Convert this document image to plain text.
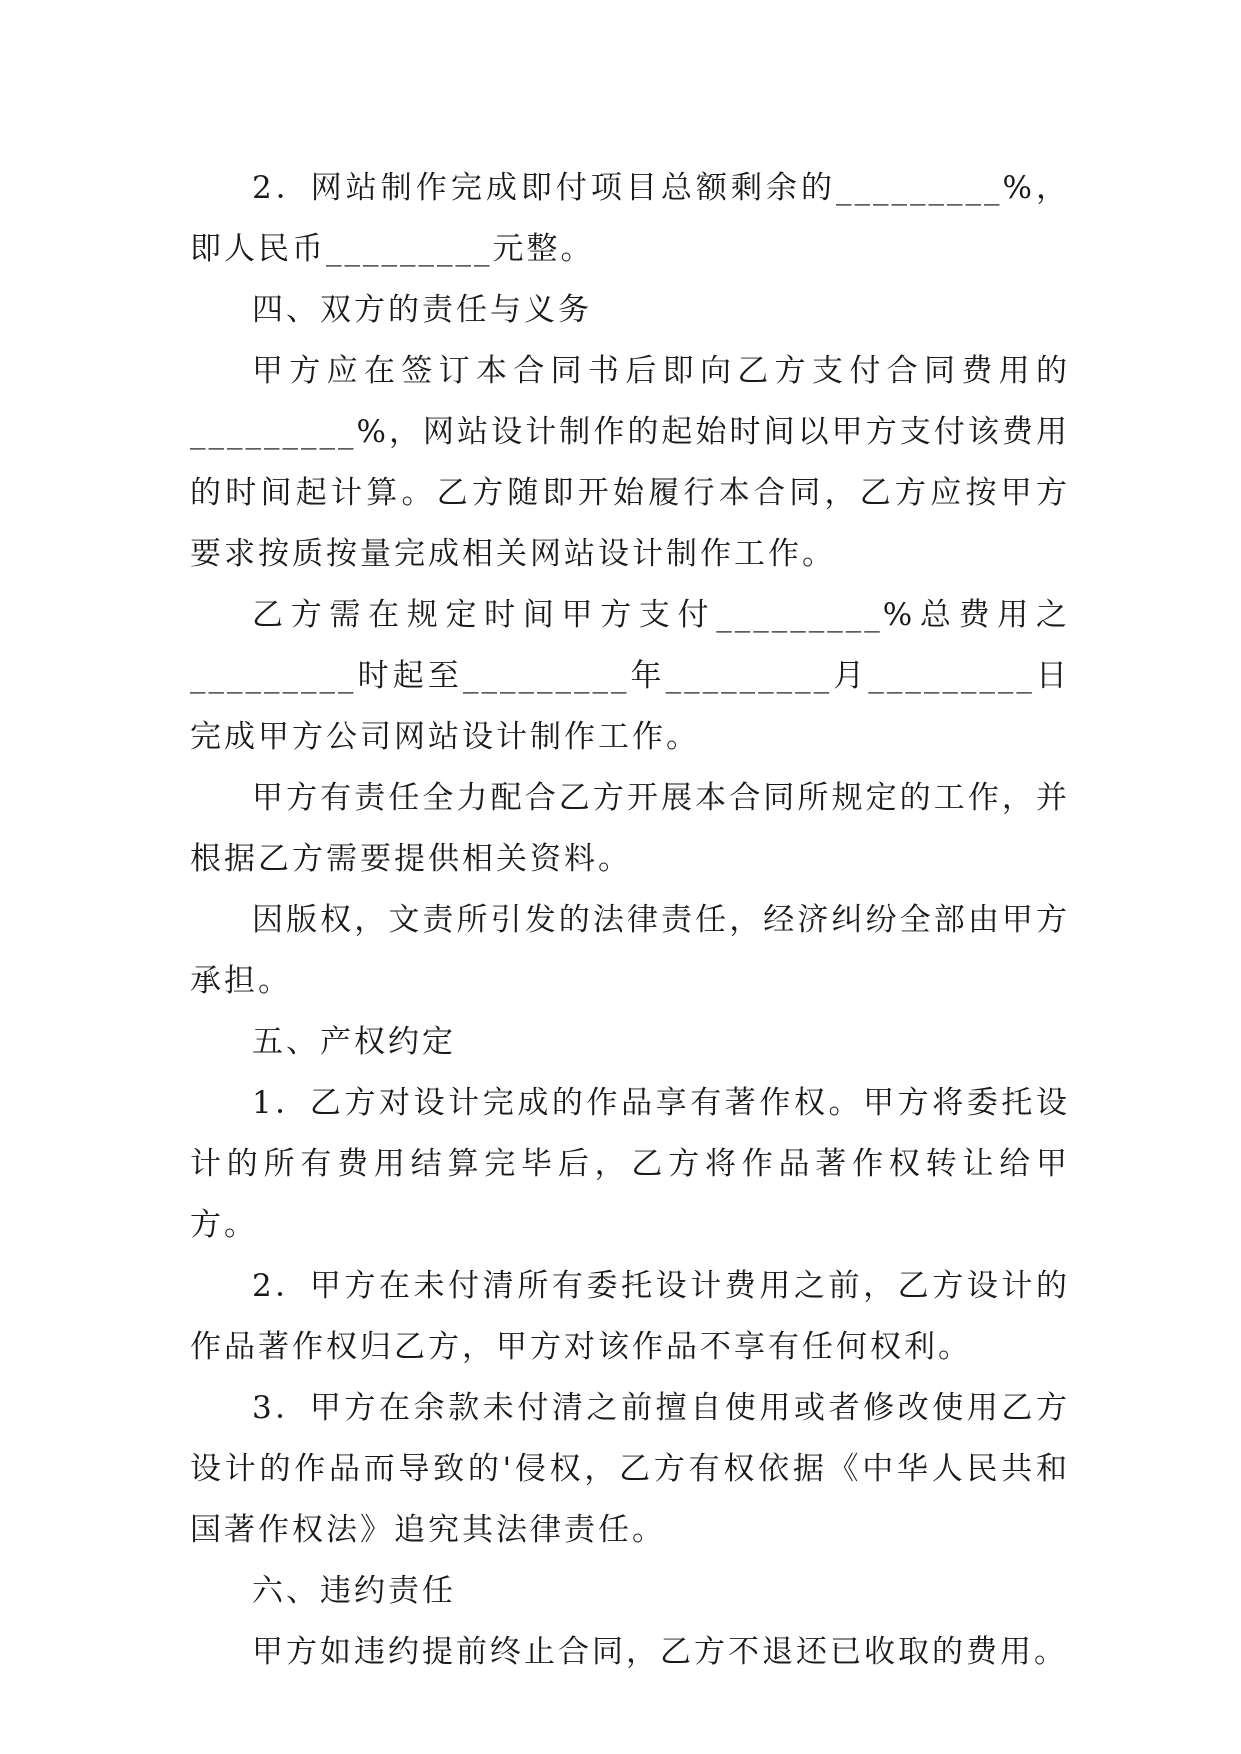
2．网站制作完成即付项目总额剩余的_________%，即人民币_________元整。

四、双方的责任与义务

甲方应在签订本合同书后即向乙方支付合同费用的_________%，网站设计制作的起始时间以甲方支付该费用的时间起计算。乙方随即开始履行本合同，乙方应按甲方要求按质按量完成相关网站设计制作工作。

乙方需在规定时间甲方支付_________%总费用之_________时起至_________年_________月_________日完成甲方公司网站设计制作工作。

甲方有责任全力配合乙方开展本合同所规定的工作，并根据乙方需要提供相关资料。

因版权，文责所引发的法律责任，经济纠纷全部由甲方承担。

五、产权约定

1．乙方对设计完成的作品享有著作权。甲方将委托设计的所有费用结算完毕后，乙方将作品著作权转让给甲方。

2．甲方在未付清所有委托设计费用之前，乙方设计的作品著作权归乙方，甲方对该作品不享有任何权利。

3．甲方在余款未付清之前擅自使用或者修改使用乙方设计的作品而导致的'侵权，乙方有权依据《中华人民共和国著作权法》追究其法律责任。

六、违约责任

甲方如违约提前终止合同，乙方不退还已收取的费用。
